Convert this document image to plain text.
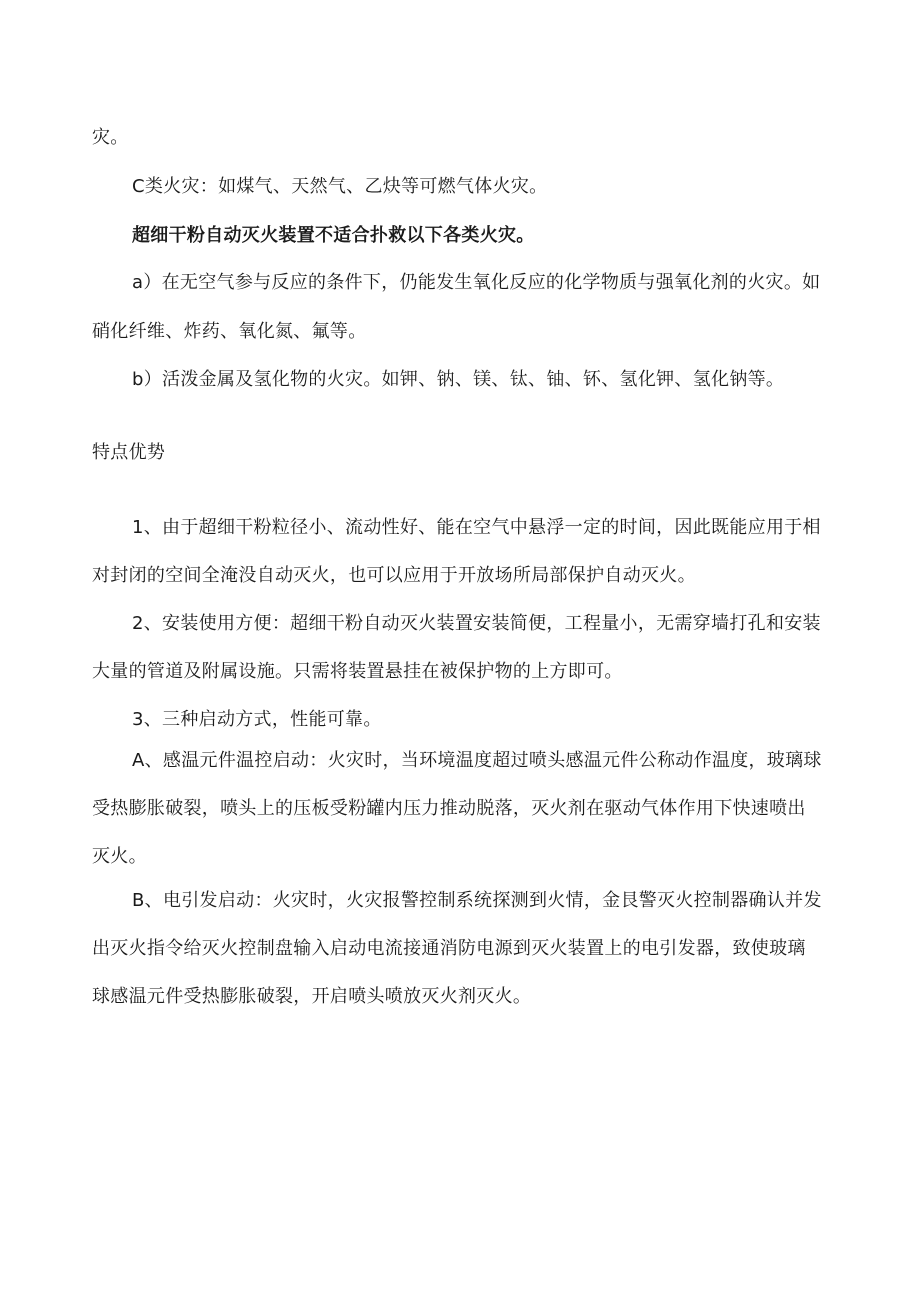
灾。
C类火灾：如煤气、天然气、乙炔等可燃气体火灾。
超细干粉自动灭火装置不适合扑救以下各类火灾。
a）在无空气参与反应的条件下，仍能发生氧化反应的化学物质与强氧化剂的火灾。如
硝化纤维、炸药、氧化氮、氟等。
b）活泼金属及氢化物的火灾。如钾、钠、镁、钛、铀、钚、氢化钾、氢化钠等。
特点优势
1、由于超细干粉粒径小、流动性好、能在空气中悬浮一定的时间，因此既能应用于相
对封闭的空间全淹没自动灭火，也可以应用于开放场所局部保护自动灭火。
2、安装使用方便：超细干粉自动灭火装置安装简便，工程量小，无需穿墙打孔和安装
大量的管道及附属设施。只需将装置悬挂在被保护物的上方即可。
3、三种启动方式，性能可靠。
A、感温元件温控启动：火灾时，当环境温度超过喷头感温元件公称动作温度，玻璃球
受热膨胀破裂，喷头上的压板受粉罐内压力推动脱落，灭火剂在驱动气体作用下快速喷出
灭火。
B、电引发启动：火灾时，火灾报警控制系统探测到火情，金艮警灭火控制器确认并发
出灭火指令给灭火控制盘输入启动电流接通消防电源到灭火装置上的电引发器，致使玻璃
球感温元件受热膨胀破裂，开启喷头喷放灭火剂灭火。
